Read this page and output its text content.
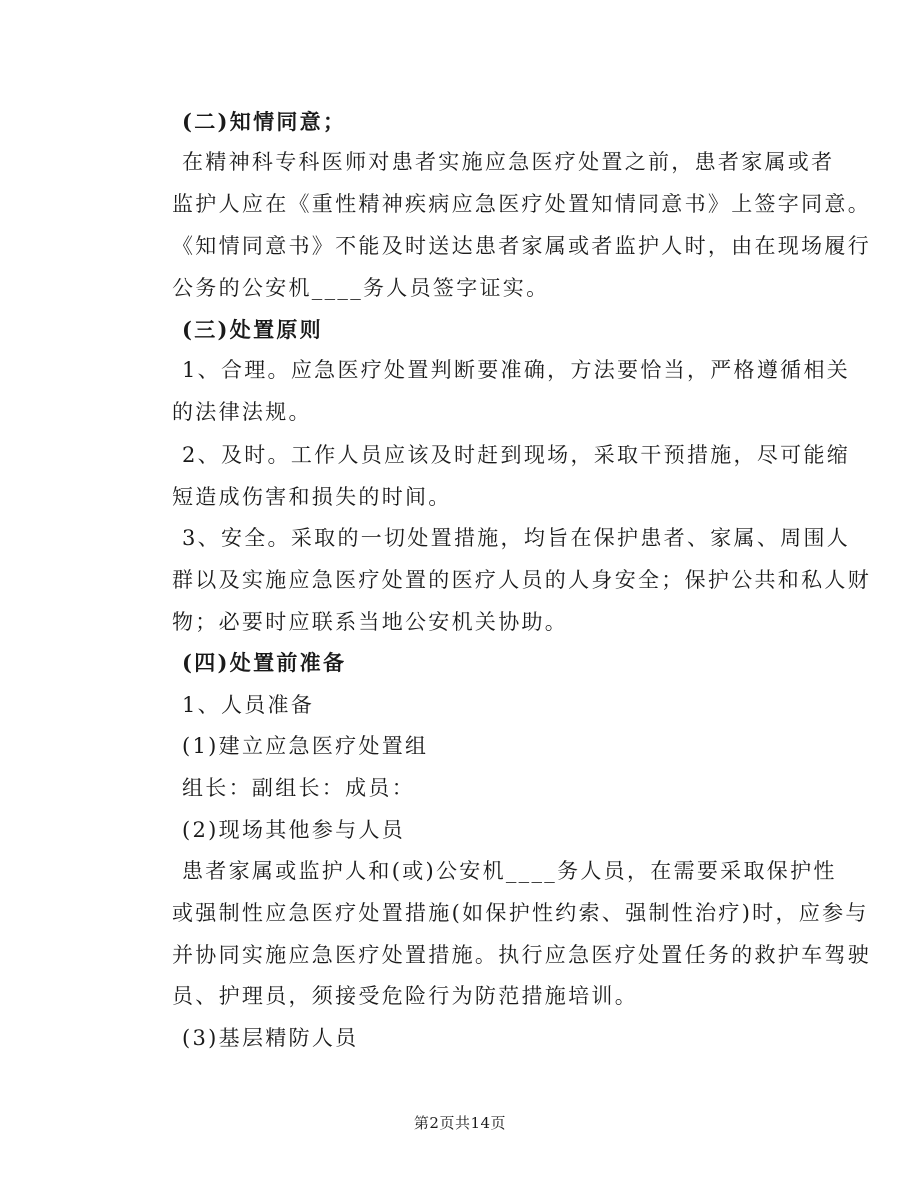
(二)知情同意；
在精神科专科医师对患者实施应急医疗处置之前，患者家属或者
监护人应在《重性精神疾病应急医疗处置知情同意书》上签字同意。
《知情同意书》不能及时送达患者家属或者监护人时，由在现场履行
公务的公安机____务人员签字证实。
(三)处置原则
1、合理。应急医疗处置判断要准确，方法要恰当，严格遵循相关
的法律法规。
2、及时。工作人员应该及时赶到现场，采取干预措施，尽可能缩
短造成伤害和损失的时间。
3、安全。采取的一切处置措施，均旨在保护患者、家属、周围人
群以及实施应急医疗处置的医疗人员的人身安全；保护公共和私人财
物；必要时应联系当地公安机关协助。
(四)处置前准备
1、人员准备
(1)建立应急医疗处置组
组长：副组长：成员：
(2)现场其他参与人员
患者家属或监护人和(或)公安机____务人员，在需要采取保护性
或强制性应急医疗处置措施(如保护性约索、强制性治疗)时，应参与
并协同实施应急医疗处置措施。执行应急医疗处置任务的救护车驾驶
员、护理员，须接受危险行为防范措施培训。
(3)基层精防人员
第2页共14页
